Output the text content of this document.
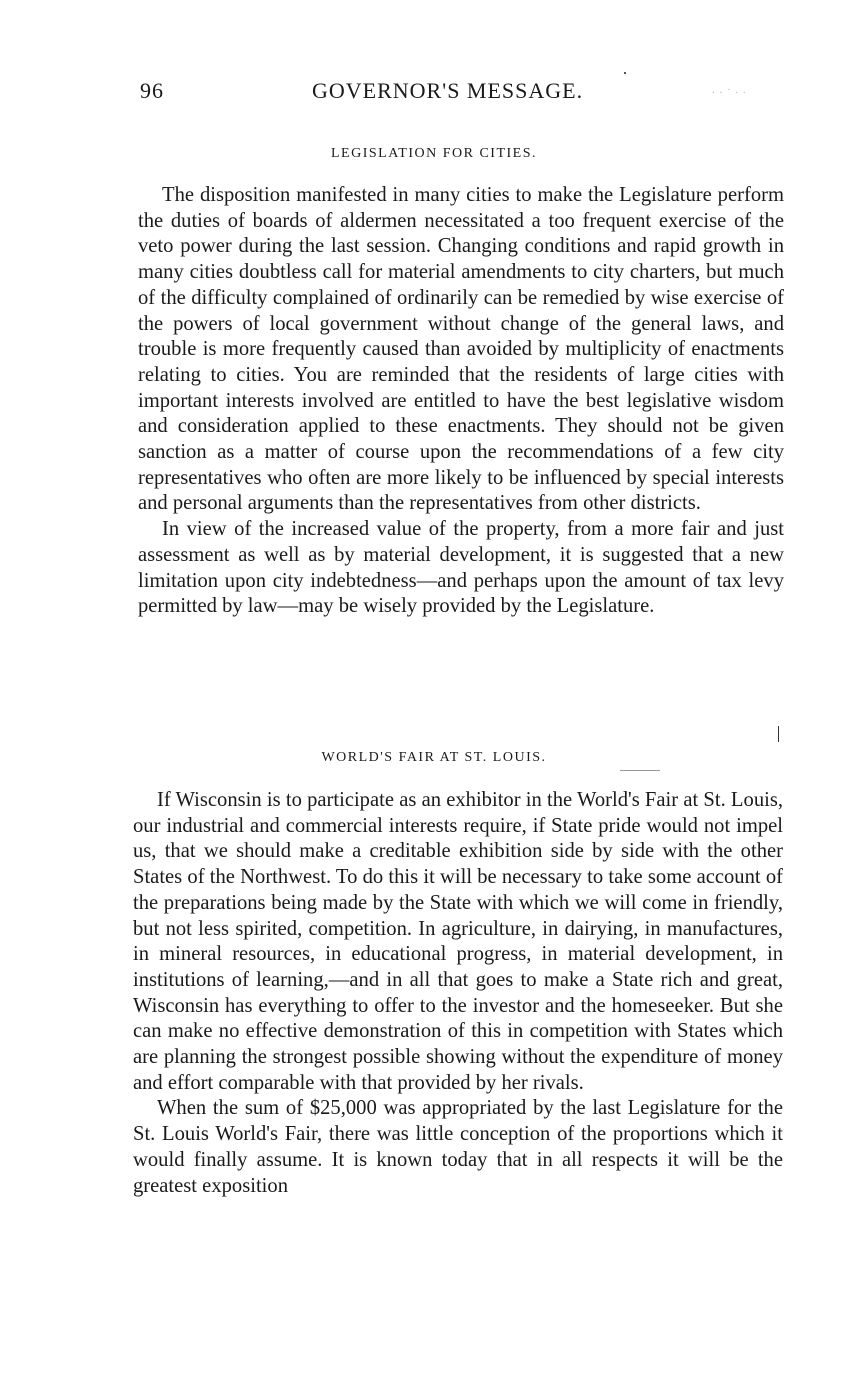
96	GOVERNOR'S MESSAGE.	. . · . .
LEGISLATION FOR CITIES.

The disposition manifested in many cities to make the Legislature perform the duties of boards of aldermen necessitated a too frequent exercise of the veto power during the last session. Changing conditions and rapid growth in many cities doubtless call for material amendments to city charters, but much of the difficulty complained of ordinarily can be remedied by wise exercise of the powers of local government without change of the general laws, and trouble is more frequently caused than avoided by multiplicity of enactments relating to cities. You are reminded that the residents of large cities with important interests involved are entitled to have the best legislative wisdom and consideration applied to these enactments. They should not be given sanction as a matter of course upon the recommendations of a few city representatives who often are more likely to be influenced by special interests and personal arguments than the representatives from other districts.

In view of the increased value of the property, from a more fair and just assessment as well as by material development, it is suggested that a new limitation upon city indebtedness—and perhaps upon the amount of tax levy permitted by law—may be wisely provided by the Legislature.

WORLD'S FAIR AT ST. LOUIS.

If Wisconsin is to participate as an exhibitor in the World's Fair at St. Louis, our industrial and commercial interests require, if State pride would not impel us, that we should make a creditable exhibition side by side with the other States of the Northwest. To do this it will be necessary to take some account of the preparations being made by the State with which we will come in friendly, but not less spirited, competition. In agriculture, in dairying, in manufactures, in mineral resources, in educational progress, in material development, in institutions of learning,—and in all that goes to make a State rich and great, Wisconsin has everything to offer to the investor and the homeseeker. But she can make no effective demonstration of this in competition with States which are planning the strongest possible showing without the expenditure of money and effort comparable with that provided by her rivals.

When the sum of $25,000 was appropriated by the last Legislature for the St. Louis World's Fair, there was little conception of the proportions which it would finally assume. It is known today that in all respects it will be the greatest exposition
